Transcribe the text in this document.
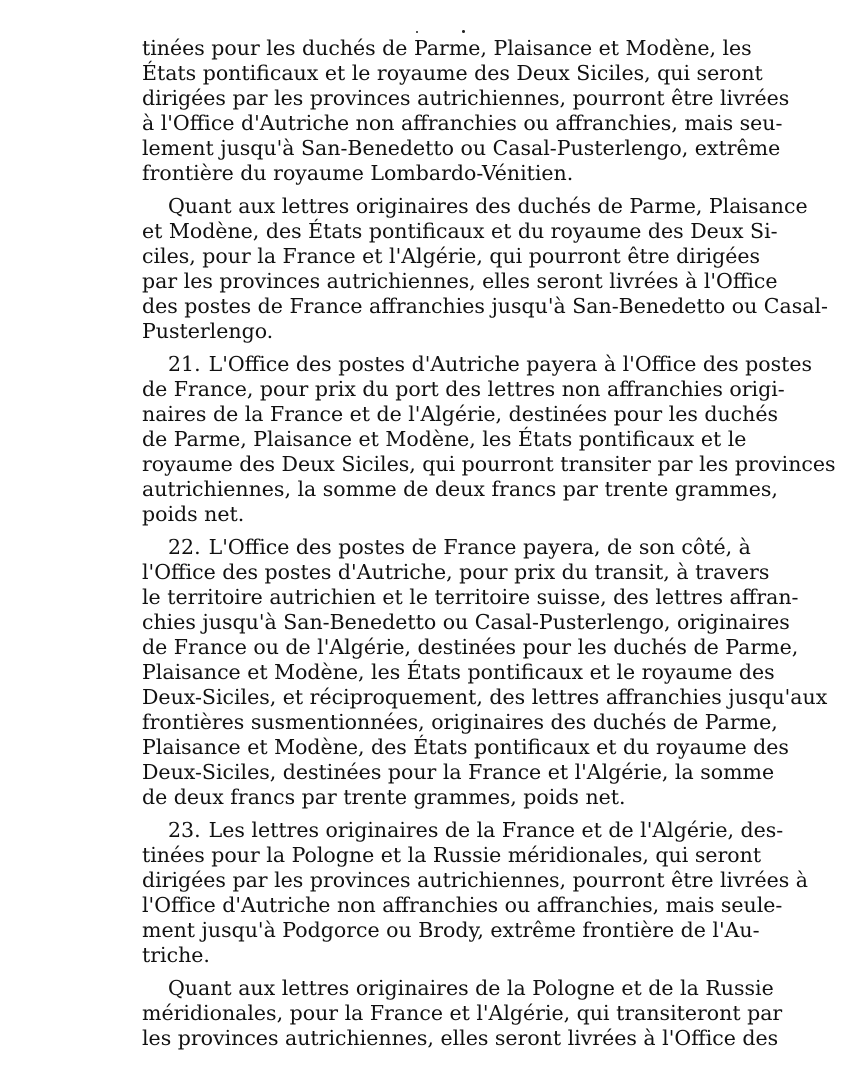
tinées pour les duchés de Parme, Plaisance et Modène, les
États pontificaux et le royaume des Deux Siciles, qui seront
dirigées par les provinces autrichiennes, pourront être livrées
à l'Office d'Autriche non affranchies ou affranchies, mais seu-
lement jusqu'à San-Benedetto ou Casal-Pusterlengo, extrême
frontière du royaume Lombardo-Vénitien.

Quant aux lettres originaires des duchés de Parme, Plaisance
et Modène, des États pontificaux et du royaume des Deux Si-
ciles, pour la France et l'Algérie, qui pourront être dirigées
par les provinces autrichiennes, elles seront livrées à l'Office
des postes de France affranchies jusqu'à San-Benedetto ou Casal-
Pusterlengo.

21. L'Office des postes d'Autriche payera à l'Office des postes
de France, pour prix du port des lettres non affranchies origi-
naires de la France et de l'Algérie, destinées pour les duchés
de Parme, Plaisance et Modène, les États pontificaux et le
royaume des Deux Siciles, qui pourront transiter par les provinces
autrichiennes, la somme de deux francs par trente grammes,
poids net.

22. L'Office des postes de France payera, de son côté, à
l'Office des postes d'Autriche, pour prix du transit, à travers
le territoire autrichien et le territoire suisse, des lettres affran-
chies jusqu'à San-Benedetto ou Casal-Pusterlengo, originaires
de France ou de l'Algérie, destinées pour les duchés de Parme,
Plaisance et Modène, les États pontificaux et le royaume des
Deux-Siciles, et réciproquement, des lettres affranchies jusqu'aux
frontières susmentionnées, originaires des duchés de Parme,
Plaisance et Modène, des États pontificaux et du royaume des
Deux-Siciles, destinées pour la France et l'Algérie, la somme
de deux francs par trente grammes, poids net.

23. Les lettres originaires de la France et de l'Algérie, des-
tinées pour la Pologne et la Russie méridionales, qui seront
dirigées par les provinces autrichiennes, pourront être livrées à
l'Office d'Autriche non affranchies ou affranchies, mais seule-
ment jusqu'à Podgorce ou Brody, extrême frontière de l'Au-
triche.

Quant aux lettres originaires de la Pologne et de la Russie
méridionales, pour la France et l'Algérie, qui transiteront par
les provinces autrichiennes, elles seront livrées à l'Office des
